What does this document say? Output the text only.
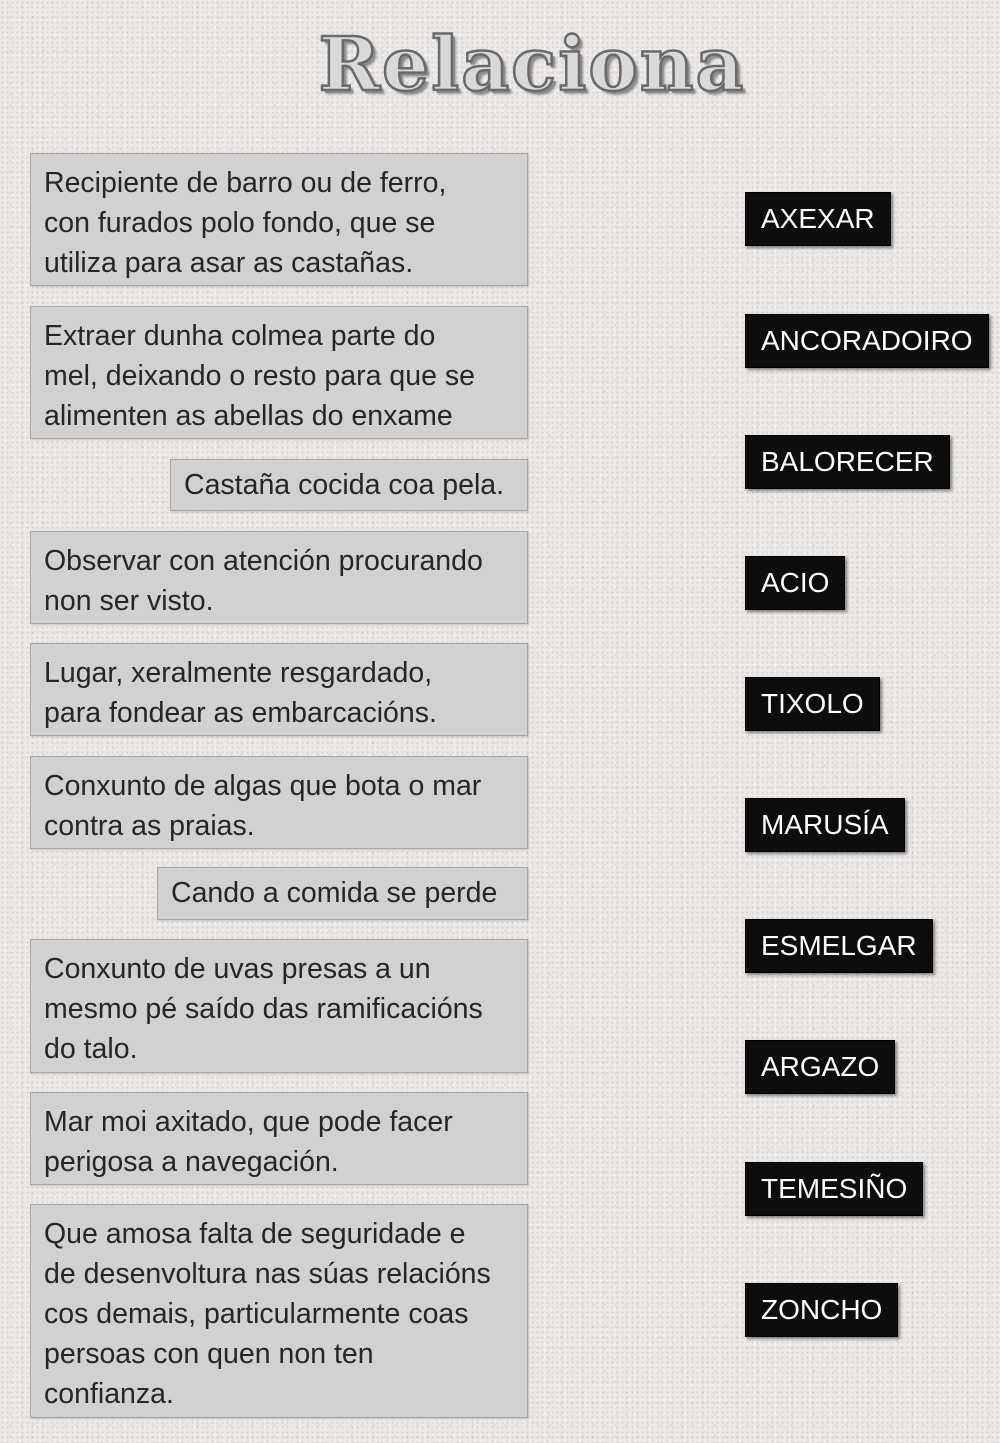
Relaciona
Recipiente de barro ou de ferro,
con furados polo fondo, que se
utiliza para asar as castañas.
Extraer dunha colmea parte do
mel, deixando o resto para que se
alimenten as abellas do enxame
Castaña cocida coa pela.
Observar con atención procurando
non ser visto.
Lugar, xeralmente resgardado,
para fondear as embarcacións.
Conxunto de algas que bota o mar
contra as praias.
Cando a comida se perde
Conxunto de uvas presas a un
mesmo pé saído das ramificacións
do talo.
Mar moi axitado, que pode facer
perigosa a navegación.
Que amosa falta de seguridade e
de desenvoltura nas súas relacións
cos demais, particularmente coas
persoas con quen non ten
confianza.
AXEXAR
ANCORADOIRO
BALORECER
ACIO
TIXOLO
MARUSÍA
ESMELGAR
ARGAZO
TEMESIÑO
ZONCHO
